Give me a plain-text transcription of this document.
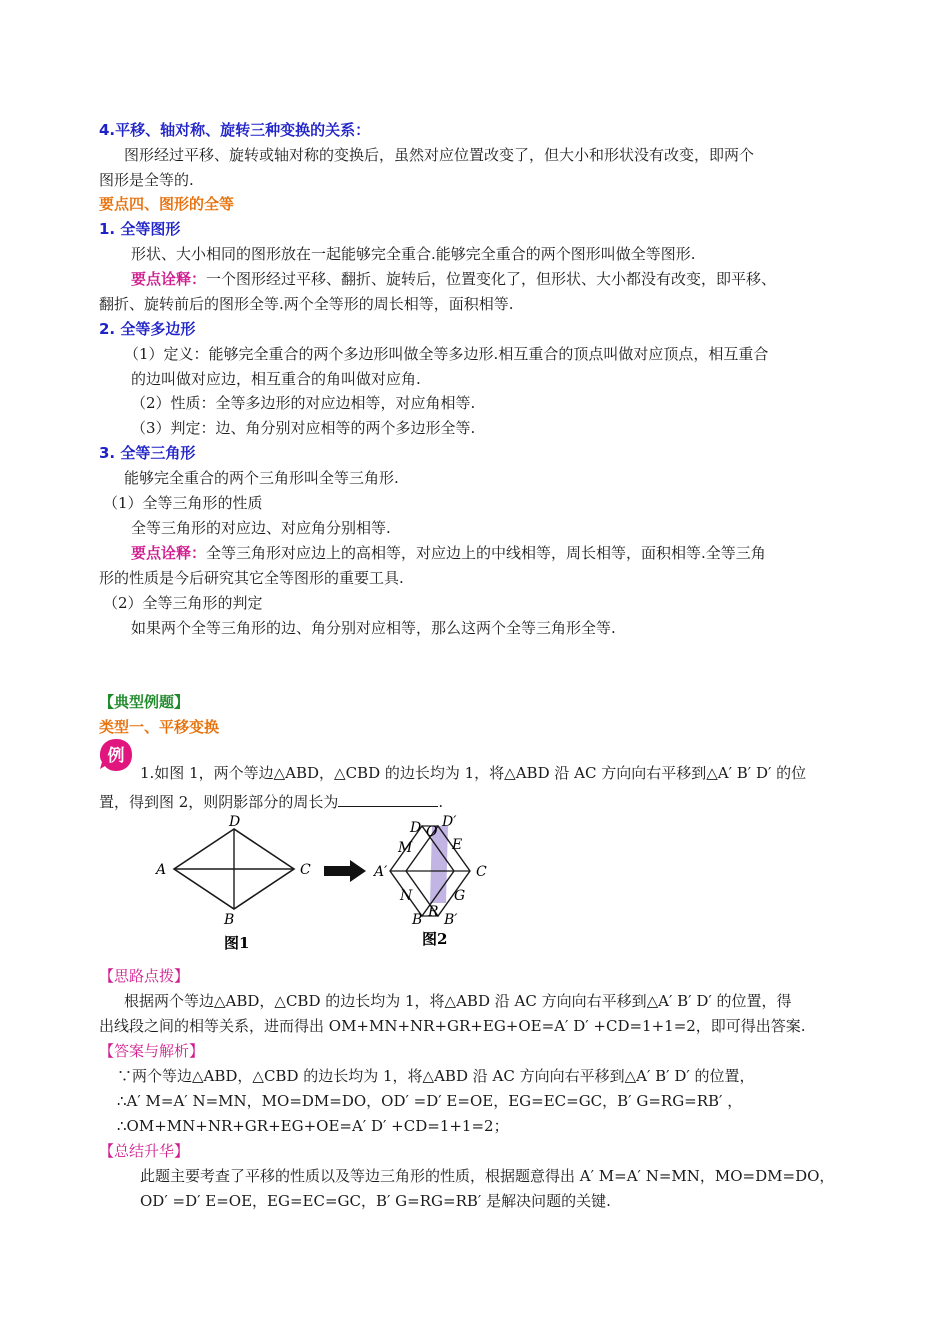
4.平移、轴对称、旋转三种变换的关系：
图形经过平移、旋转或轴对称的变换后，虽然对应位置改变了，但大小和形状没有改变，即两个
图形是全等的.
要点四、图形的全等
1. 全等图形
形状、大小相同的图形放在一起能够完全重合.能够完全重合的两个图形叫做全等图形.
要点诠释：一个图形经过平移、翻折、旋转后，位置变化了，但形状、大小都没有改变，即平移、
翻折、旋转前后的图形全等.两个全等形的周长相等，面积相等.
2. 全等多边形
（1）定义：能够完全重合的两个多边形叫做全等多边形.相互重合的顶点叫做对应顶点，相互重合
的边叫做对应边，相互重合的角叫做对应角.
（2）性质：全等多边形的对应边相等，对应角相等.
（3）判定：边、角分别对应相等的两个多边形全等.
3. 全等三角形
能够完全重合的两个三角形叫全等三角形.
（1）全等三角形的性质
全等三角形的对应边、对应角分别相等.
要点诠释：全等三角形对应边上的高相等，对应边上的中线相等，周长相等，面积相等.全等三角
形的性质是今后研究其它全等图形的重要工具.
（2）全等三角形的判定
如果两个全等三角形的边、角分别对应相等，那么这两个全等三角形全等.
【典型例题】
类型一、平移变换
例
1.如图 1，两个等边△ABD，△CBD 的边长均为 1，将△ABD 沿 AC 方向向右平移到△A′ B′ D′ 的位
置，得到图 2，则阴影部分的周长为	.
D
A	C
B
图1
D O
D′
M	E
A′	C
N	G
B R B′
图2
【思路点拨】
根据两个等边△ABD，△CBD 的边长均为 1，将△ABD 沿 AC 方向向右平移到△A′ B′ D′ 的位置，得
出线段之间的相等关系，进而得出 OM+MN+NR+GR+EG+OE=A′ D′ +CD=1+1=2，即可得出答案.
【答案与解析】
∵两个等边△ABD，△CBD 的边长均为 1，将△ABD 沿 AC 方向向右平移到△A′ B′ D′ 的位置，
∴A′ M=A′ N=MN，MO=DM=DO，OD′ =D′ E=OE，EG=EC=GC，B′ G=RG=RB′ ，
∴OM+MN+NR+GR+EG+OE=A′ D′ +CD=1+1=2；
【总结升华】
此题主要考查了平移的性质以及等边三角形的性质，根据题意得出 A′ M=A′ N=MN，MO=DM=DO，
OD′ =D′ E=OE，EG=EC=GC，B′ G=RG=RB′ 是解决问题的关键.
